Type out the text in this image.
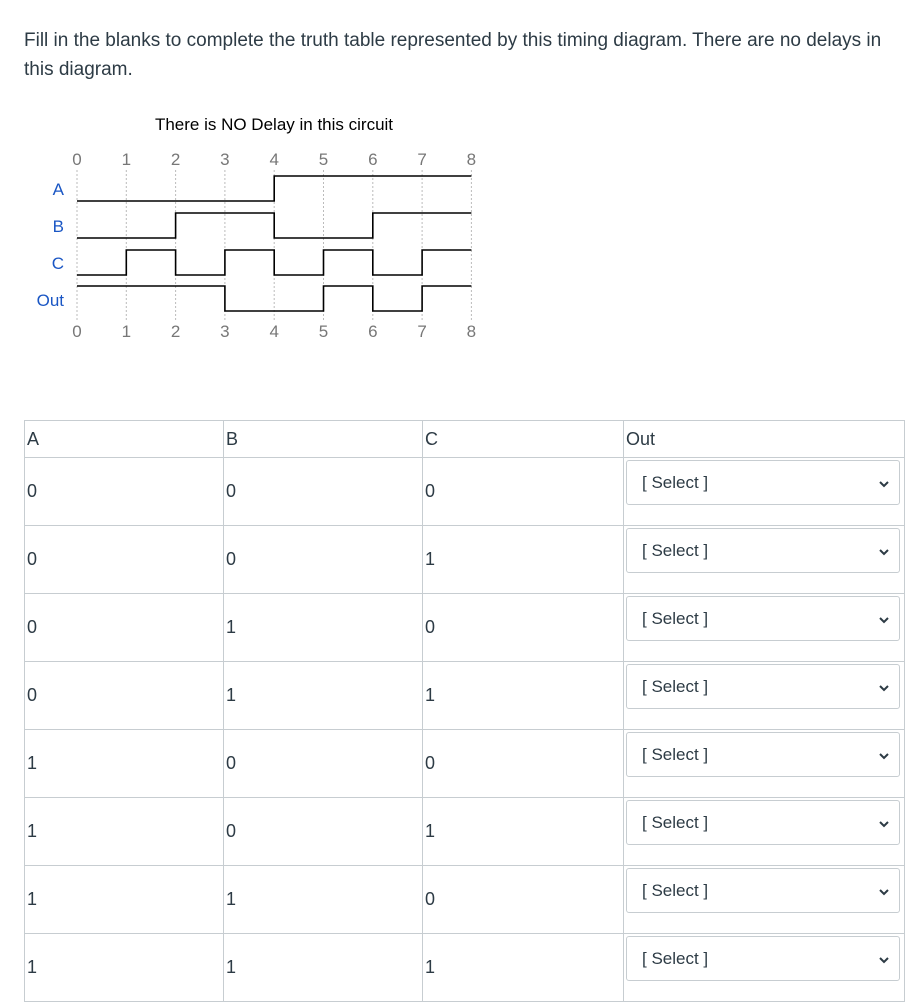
Fill in the blanks to complete the truth table represented by this timing diagram. There are no delays in this diagram.

There is NO Delay in this circuit
0 1 2 3 4 5 6 7 8
0 1 2 3 4 5 6 7 8
A
B
C
Out
A	B	C	Out
0	0	0	[ Select ]

0	0	1	[ Select ]

0	1	0	[ Select ]

0	1	1	[ Select ]

1	0	0	[ Select ]

1	0	1	[ Select ]

1	1	0	[ Select ]

1	1	1	[ Select ]
